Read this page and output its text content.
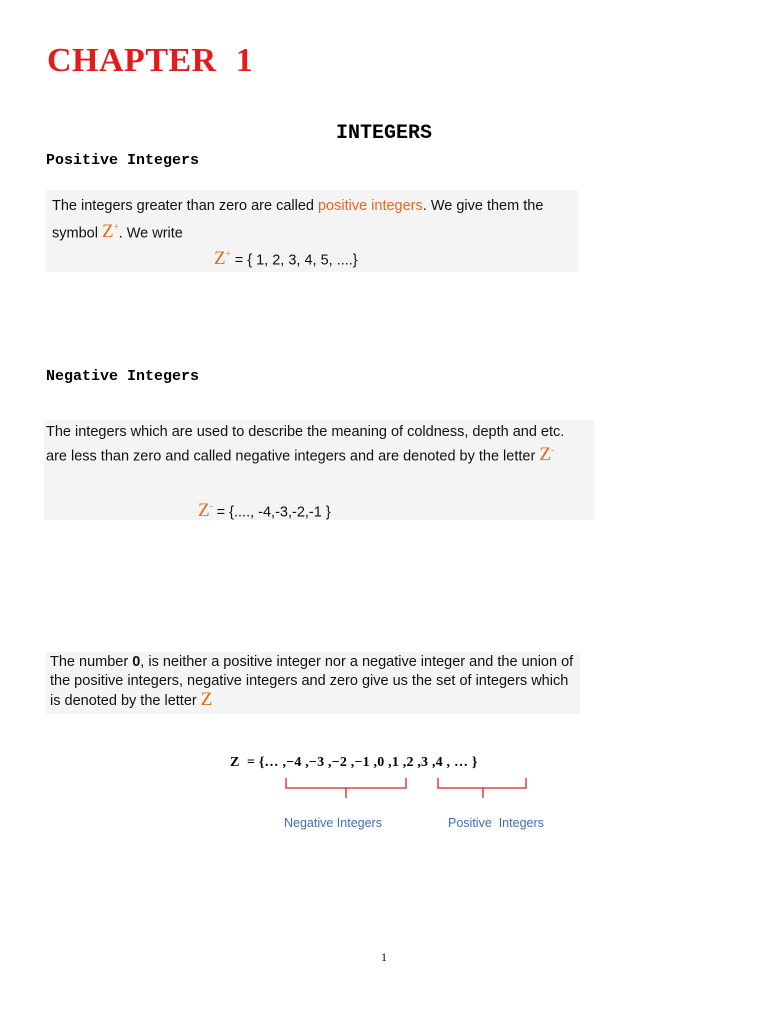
CHAPTER 1
INTEGERS
Positive Integers
The integers greater than zero are called positive integers. We give them the
symbol Z+. We write
Z+ = { 1, 2, 3, 4, 5, ....}
Negative Integers
The integers which are used to describe the meaning of coldness, depth and etc.
are less than zero and called negative integers and are denoted by the letter Z-
Z- = {...., -4,-3,-2,-1 }
The number 0, is neither a positive integer nor a negative integer and the union of
the positive integers, negative integers and zero give us the set of integers which
is denoted by the letter Z
Z = {… ,−4 ,−3 ,−2 ,−1 ,0 ,1 ,2 ,3 ,4 , … }
Negative Integers	Positive  Integers
1
